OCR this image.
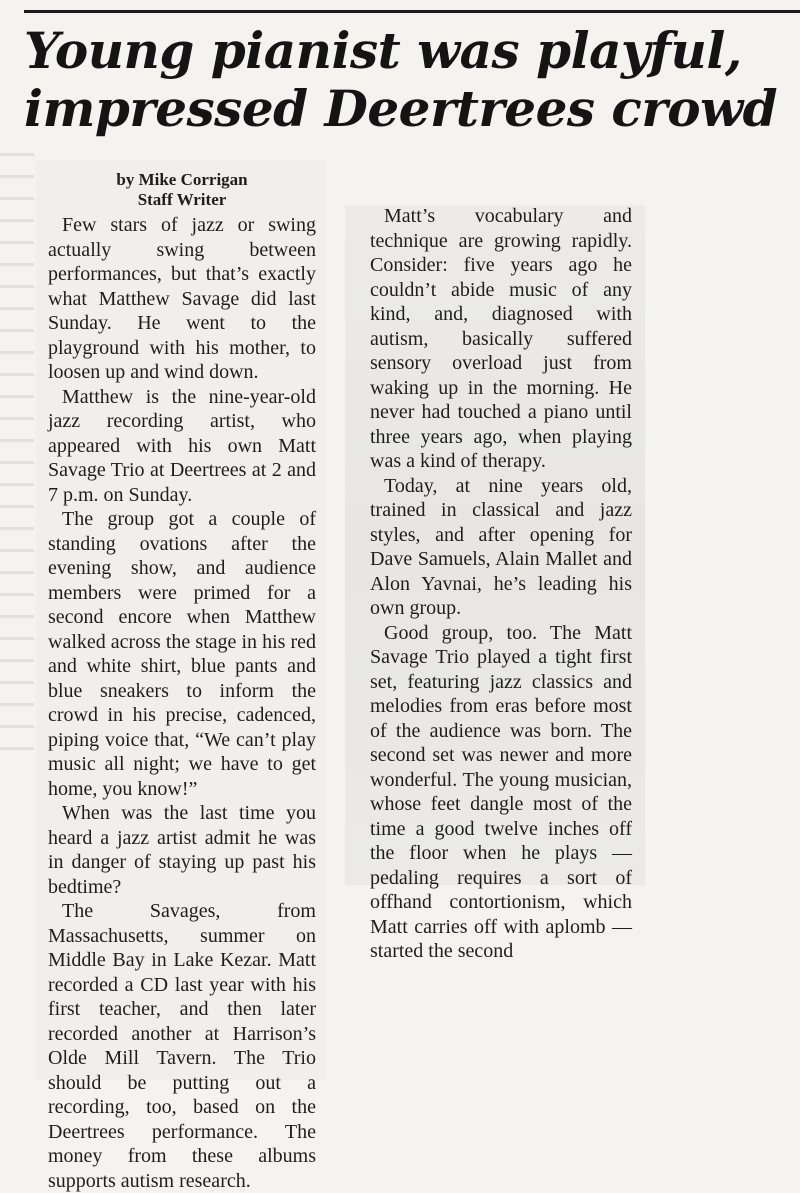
Young pianist was playful,
impressed Deertrees crowd
by Mike Corrigan
Staff Writer

Few stars of jazz or swing actually swing between performances, but that’s exactly what Matthew Savage did last Sunday. He went to the playground with his mother, to loosen up and wind down.

Matthew is the nine-year-old jazz recording artist, who appeared with his own Matt Savage Trio at Deertrees at 2 and 7 p.m. on Sunday.

The group got a couple of standing ovations after the evening show, and audience members were primed for a second encore when Matthew walked across the stage in his red and white shirt, blue pants and blue sneakers to inform the crowd in his precise, cadenced, piping voice that, “We can’t play music all night; we have to get home, you know!”

When was the last time you heard a jazz artist admit he was in danger of staying up past his bedtime?

The Savages, from Massachusetts, summer on Middle Bay in Lake Kezar. Matt recorded a CD last year with his first teacher, and then later recorded another at Harrison’s Olde Mill Tavern. The Trio should be putting out a recording, too, based on the Deertrees performance. The money from these albums supports autism research.

Matt’s vocabulary and technique are growing rapidly. Consider: five years ago he couldn’t abide music of any kind, and, diagnosed with autism, basically suffered sensory overload just from waking up in the morning. He never had touched a piano until three years ago, when playing was a kind of therapy.

Today, at nine years old, trained in classical and jazz styles, and after opening for Dave Samuels, Alain Mallet and Alon Yavnai, he’s leading his own group.

Good group, too. The Matt Savage Trio played a tight first set, featuring jazz classics and melodies from eras before most of the audience was born. The second set was newer and more wonderful. The young musician, whose feet dangle most of the time a good twelve inches off the floor when he plays — pedaling requires a sort of offhand contortionism, which Matt carries off with aplomb — started the second
